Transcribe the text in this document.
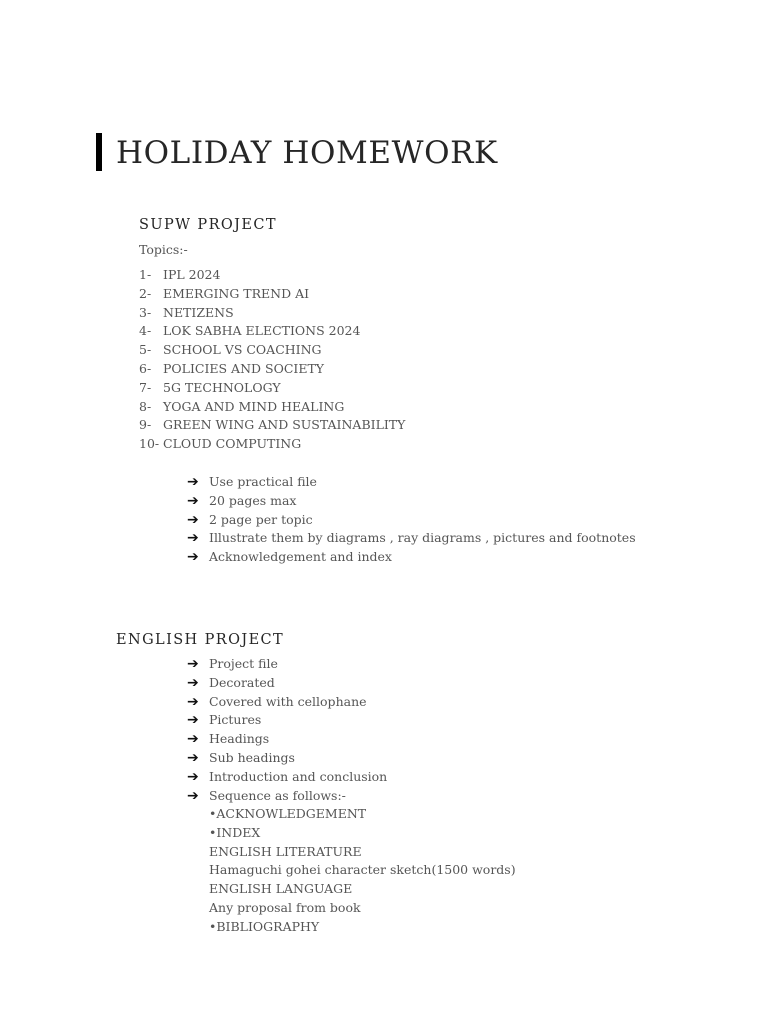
HOLIDAY HOMEWORK
SUPW PROJECT
Topics:-
1- IPL 2024
2- EMERGING TREND AI
3- NETIZENS
4- LOK SABHA ELECTIONS 2024
5- SCHOOL VS COACHING
6- POLICIES AND SOCIETY
7- 5G TECHNOLOGY
8- YOGA AND MIND HEALING
9- GREEN WING AND SUSTAINABILITY
10- CLOUD COMPUTING
➔ Use practical file
➔ 20 pages max
➔ 2 page per topic
➔ Illustrate them by diagrams , ray diagrams , pictures and footnotes
➔ Acknowledgement and index
ENGLISH PROJECT
➔ Project file
➔ Decorated
➔ Covered with cellophane
➔ Pictures
➔ Headings
➔ Sub headings
➔ Introduction and conclusion
➔ Sequence as follows:-
•ACKNOWLEDGEMENT
•INDEX
ENGLISH LITERATURE
Hamaguchi gohei character sketch(1500 words)
ENGLISH LANGUAGE
Any proposal from book
•BIBLIOGRAPHY
